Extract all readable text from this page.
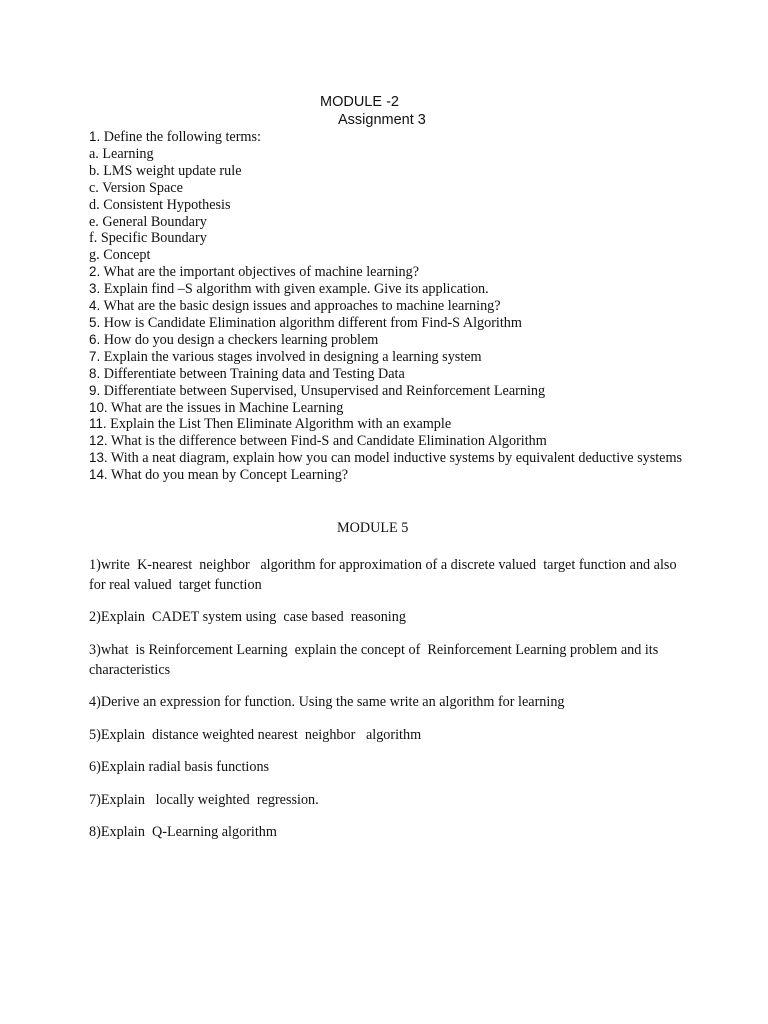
MODULE -2
Assignment 3
1. Define the following terms:
a. Learning
b. LMS weight update rule
c. Version Space
d. Consistent Hypothesis
e. General Boundary
f. Specific Boundary
g. Concept
2. What are the important objectives of machine learning?
3. Explain find –S algorithm with given example. Give its application.
4. What are the basic design issues and approaches to machine learning?
5. How is Candidate Elimination algorithm different from Find-S Algorithm
6. How do you design a checkers learning problem
7. Explain the various stages involved in designing a learning system
8. Differentiate between Training data and Testing Data
9. Differentiate between Supervised, Unsupervised and Reinforcement Learning
10. What are the issues in Machine Learning
11. Explain the List Then Eliminate Algorithm with an example
12. What is the difference between Find-S and Candidate Elimination Algorithm
13. With a neat diagram, explain how you can model inductive systems by equivalent deductive systems
14. What do you mean by Concept Learning?
MODULE 5
1)write  K-nearest  neighbor   algorithm for approximation of a discrete valued  target function and also for real valued  target function
2)Explain  CADET system using  case based  reasoning
3)what  is Reinforcement Learning  explain the concept of  Reinforcement Learning problem and its characteristics
4)Derive an expression for function. Using the same write an algorithm for learning
5)Explain  distance weighted nearest  neighbor   algorithm
6)Explain radial basis functions
7)Explain   locally weighted  regression.
8)Explain  Q-Learning algorithm
